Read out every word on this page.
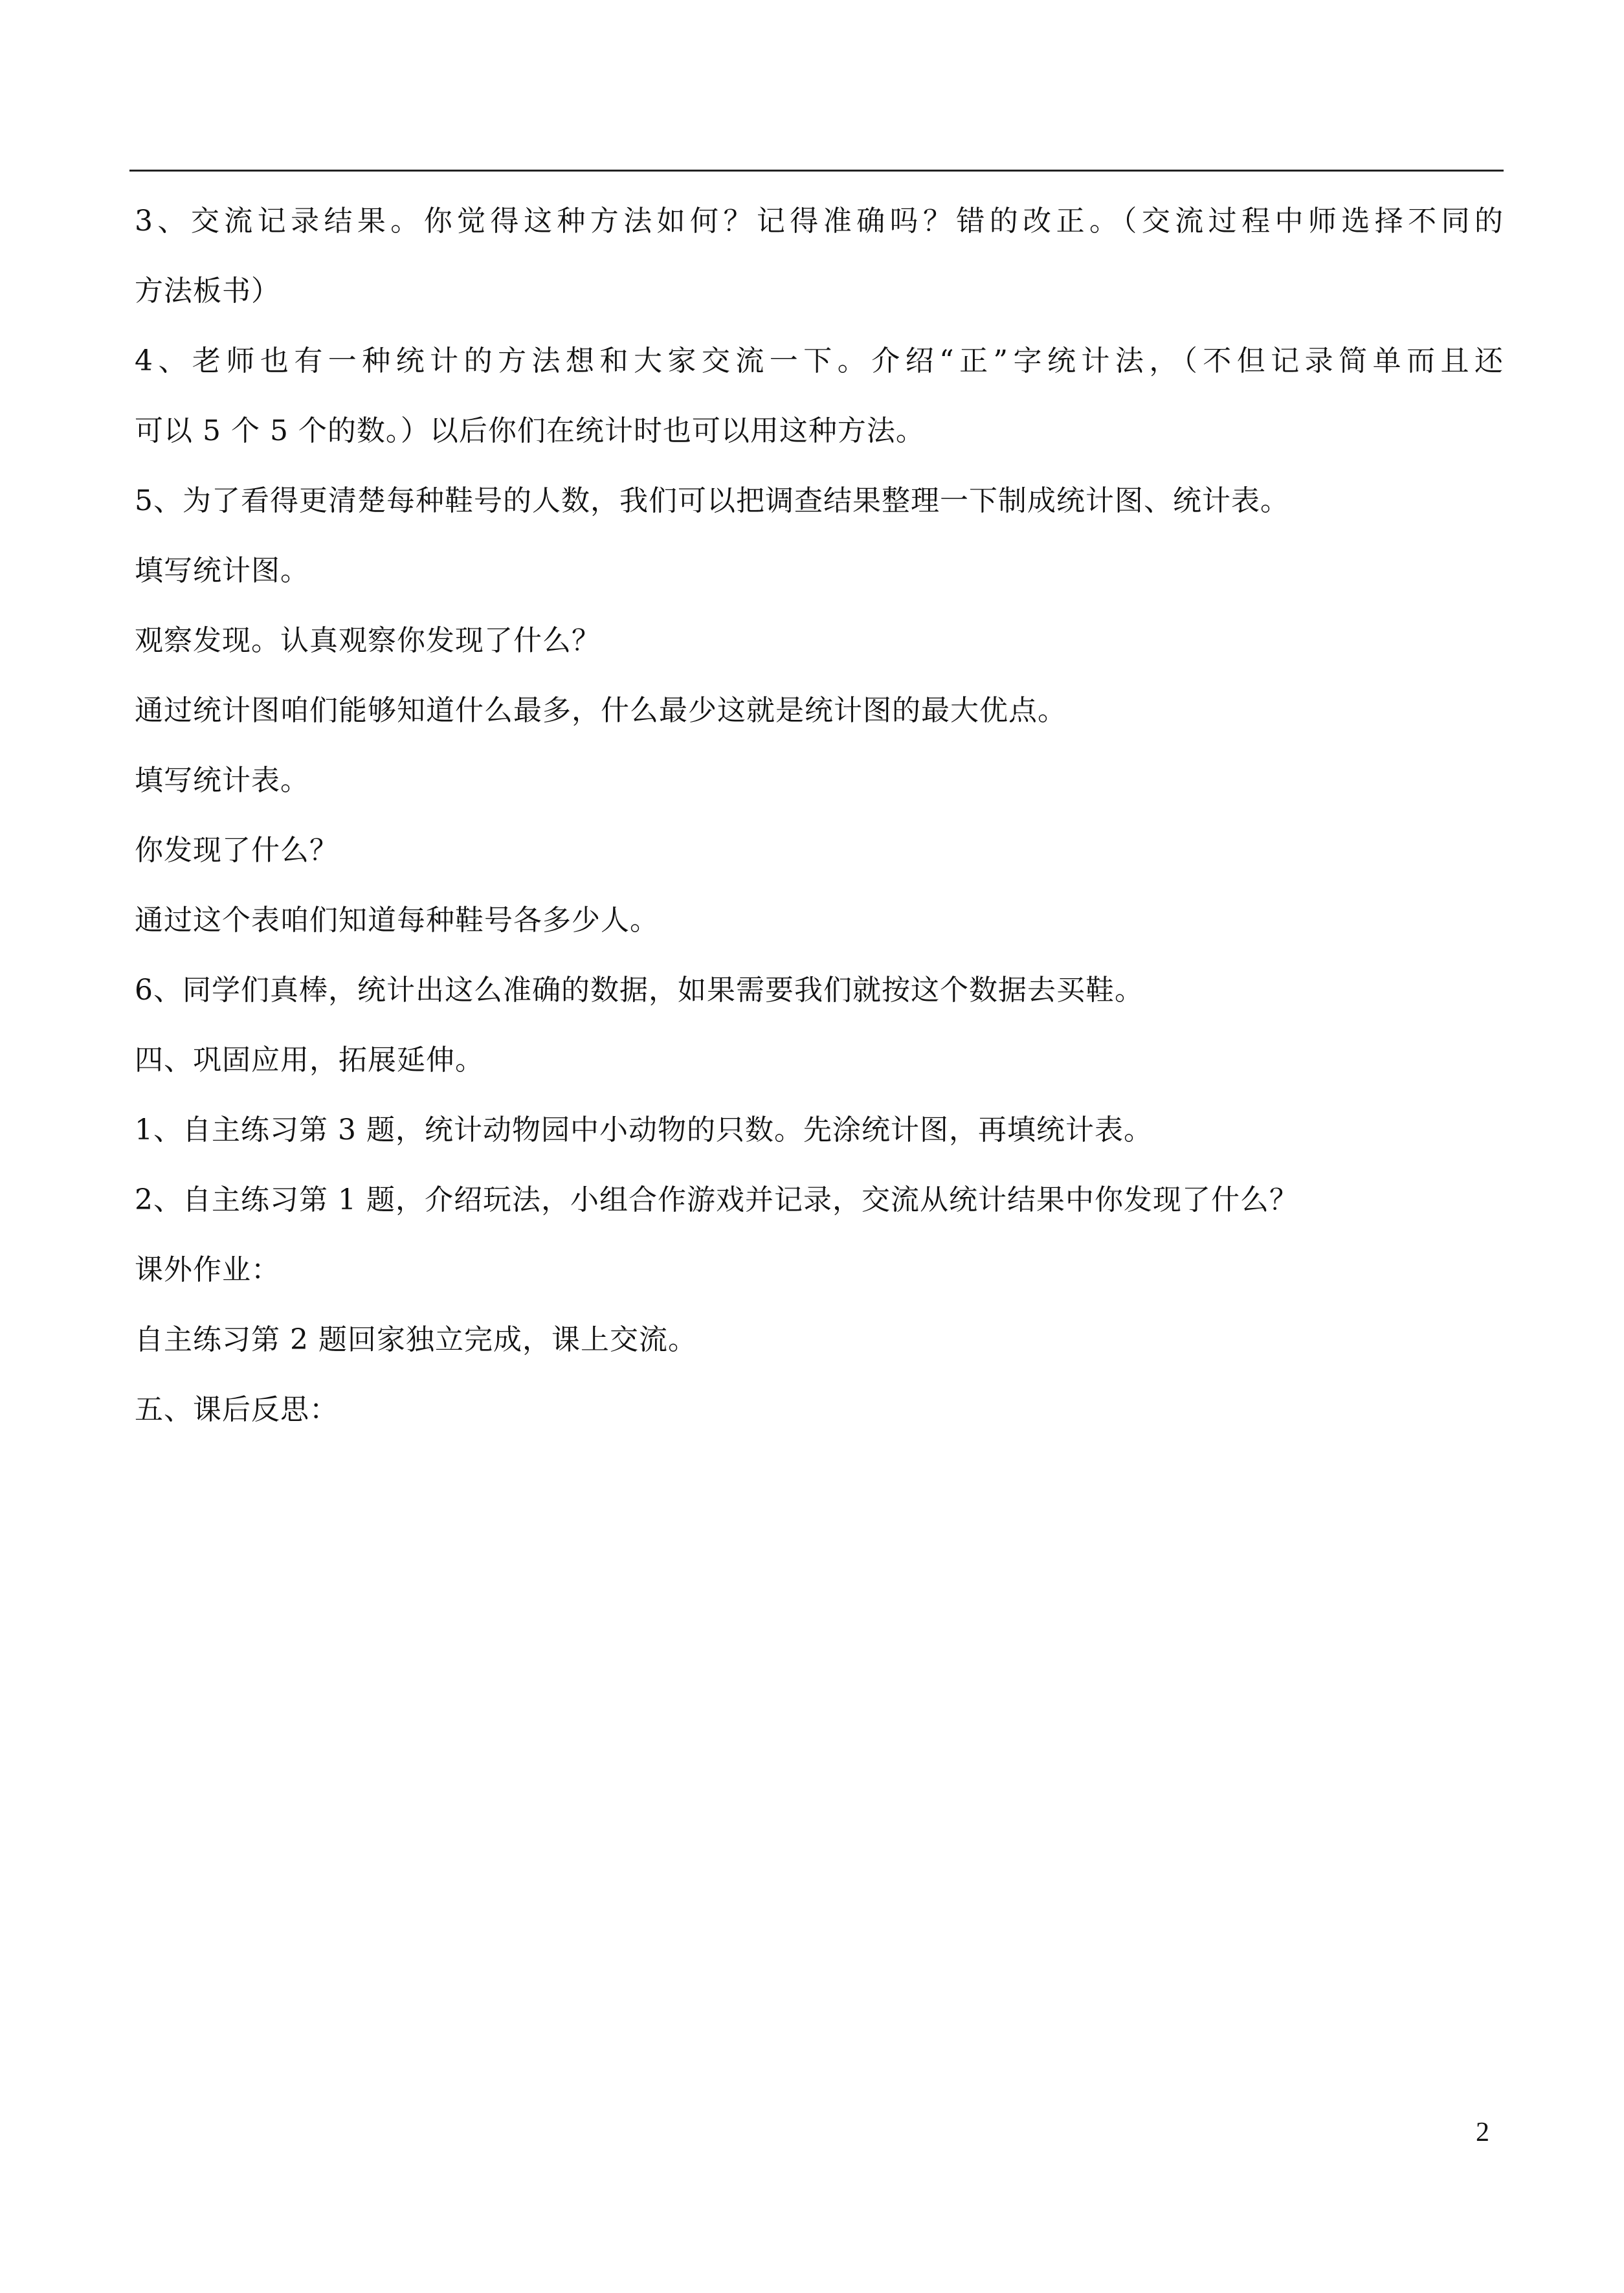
3、交流记录结果。你觉得这种方法如何？记得准确吗？错的改正。（交流过程中师选择不同的
方法板书）
4、老师也有一种统计的方法想和大家交流一下。介绍“正”字统计法，（不但记录简单而且还
可以 5 个 5 个的数。）以后你们在统计时也可以用这种方法。
5、为了看得更清楚每种鞋号的人数，我们可以把调查结果整理一下制成统计图、统计表。
填写统计图。
观察发现。认真观察你发现了什么？
通过统计图咱们能够知道什么最多，什么最少这就是统计图的最大优点。
填写统计表。
你发现了什么？
通过这个表咱们知道每种鞋号各多少人。
6、同学们真棒，统计出这么准确的数据，如果需要我们就按这个数据去买鞋。
四、巩固应用，拓展延伸。
1、自主练习第 3 题，统计动物园中小动物的只数。先涂统计图，再填统计表。
2、自主练习第 1 题，介绍玩法，小组合作游戏并记录，交流从统计结果中你发现了什么？
课外作业：
自主练习第 2 题回家独立完成，课上交流。
五、课后反思：
2
